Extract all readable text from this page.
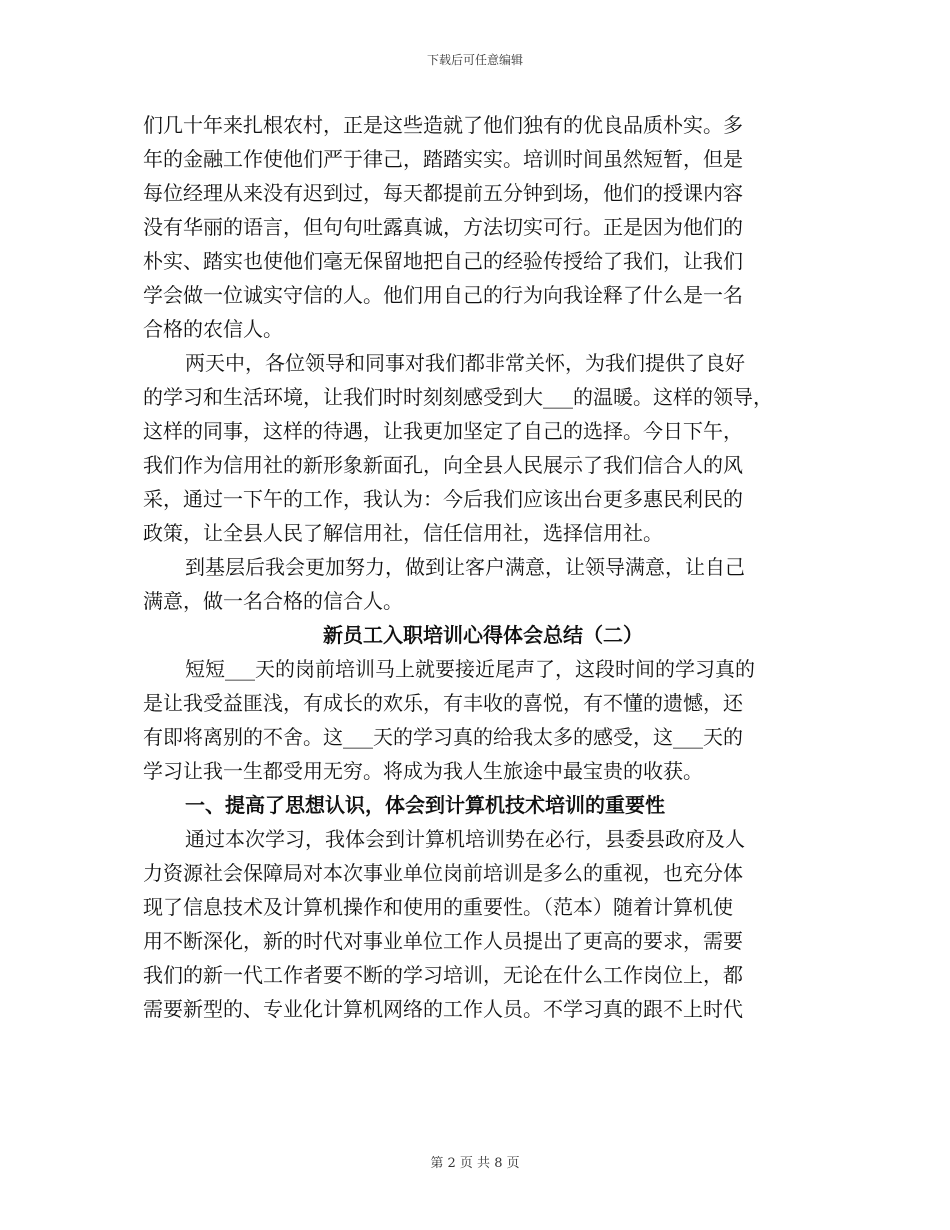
下载后可任意编辑
们几十年来扎根农村，正是这些造就了他们独有的优良品质朴实。多
年的金融工作使他们严于律己，踏踏实实。培训时间虽然短暂，但是
每位经理从来没有迟到过，每天都提前五分钟到场，他们的授课内容
没有华丽的语言，但句句吐露真诚，方法切实可行。正是因为他们的
朴实、踏实也使他们毫无保留地把自己的经验传授给了我们，让我们
学会做一位诚实守信的人。他们用自己的行为向我诠释了什么是一名
合格的农信人。
两天中，各位领导和同事对我们都非常关怀，为我们提供了良好
的学习和生活环境，让我们时时刻刻感受到大___的温暖。这样的领导，
这样的同事，这样的待遇，让我更加坚定了自己的选择。今日下午，
我们作为信用社的新形象新面孔，向全县人民展示了我们信合人的风
采，通过一下午的工作，我认为：今后我们应该出台更多惠民利民的
政策，让全县人民了解信用社，信任信用社，选择信用社。
到基层后我会更加努力，做到让客户满意，让领导满意，让自己
满意，做一名合格的信合人。
新员工入职培训心得体会总结（二）
短短___天的岗前培训马上就要接近尾声了，这段时间的学习真的
是让我受益匪浅，有成长的欢乐，有丰收的喜悦，有不懂的遗憾，还
有即将离别的不舍。这___天的学习真的给我太多的感受，这___天的
学习让我一生都受用无穷。将成为我人生旅途中最宝贵的收获。
一、提高了思想认识，体会到计算机技术培训的重要性
通过本次学习，我体会到计算机培训势在必行，县委县政府及人
力资源社会保障局对本次事业单位岗前培训是多么的重视，也充分体
现了信息技术及计算机操作和使用的重要性。（范本）随着计算机使
用不断深化，新的时代对事业单位工作人员提出了更高的要求，需要
我们的新一代工作者要不断的学习培训，无论在什么工作岗位上，都
需要新型的、专业化计算机网络的工作人员。不学习真的跟不上时代
第 2 页 共 8 页
